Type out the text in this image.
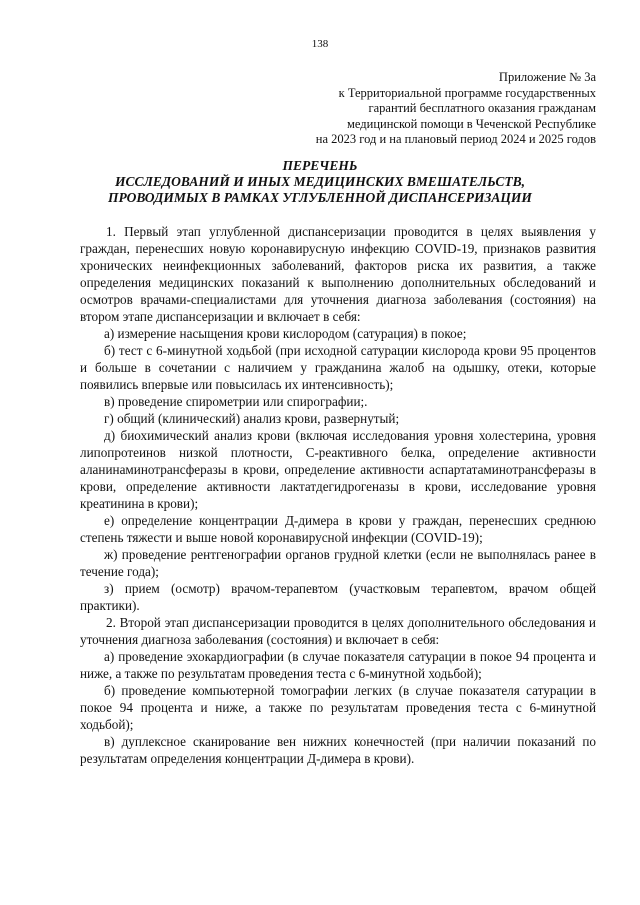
138
Приложение № 3а
к Территориальной программе государственных
гарантий бесплатного оказания гражданам
медицинской помощи в Чеченской Республике
на 2023 год и на плановый период 2024 и 2025 годов
ПЕРЕЧЕНЬ
ИССЛЕДОВАНИЙ И ИНЫХ МЕДИЦИНСКИХ ВМЕШАТЕЛЬСТВ,
ПРОВОДИМЫХ В РАМКАХ УГЛУБЛЕННОЙ ДИСПАНСЕРИЗАЦИИ

1. Первый этап углубленной диспансеризации проводится в целях выявления у граждан, перенесших новую коронавирусную инфекцию COVID-19, признаков развития хронических неинфекционных заболеваний, факторов риска их развития, а также определения медицинских показаний к выполнению дополнительных обследований и осмотров врачами-специалистами для уточнения диагноза заболевания (состояния) на втором этапе диспансеризации и включает в себя:

а) измерение насыщения крови кислородом (сатурация) в покое;

б) тест с 6-минутной ходьбой (при исходной сатурации кислорода крови 95 процентов и больше в сочетании с наличием у гражданина жалоб на одышку, отеки, которые появились впервые или повысилась их интенсивность);

в) проведение спирометрии или спирографии;.

г) общий (клинический) анализ крови, развернутый;

д) биохимический анализ крови (включая исследования уровня холестерина, уровня липопротеинов низкой плотности, С-реактивного белка, определение активности аланинаминотрансферазы в крови, определение активности аспартатаминотрансферазы в крови, определение активности лактатдегидрогеназы в крови, исследование уровня креатинина в крови);

е) определение концентрации Д-димера в крови у граждан, перенесших среднюю степень тяжести и выше новой коронавирусной инфекции (COVID-19);

ж) проведение рентгенографии органов грудной клетки (если не выполнялась ранее в течение года);

з) прием (осмотр) врачом-терапевтом (участковым терапевтом, врачом общей практики).

2. Второй этап диспансеризации проводится в целях дополнительного обследования и уточнения диагноза заболевания (состояния) и включает в себя:

а) проведение эхокардиографии (в случае показателя сатурации в покое 94 процента и ниже, а также по результатам проведения теста с 6-минутной ходьбой);

б) проведение компьютерной томографии легких (в случае показателя сатурации в покое 94 процента и ниже, а также по результатам проведения теста с 6-минутной ходьбой);

в) дуплексное сканирование вен нижних конечностей (при наличии показаний по результатам определения концентрации Д-димера в крови).
